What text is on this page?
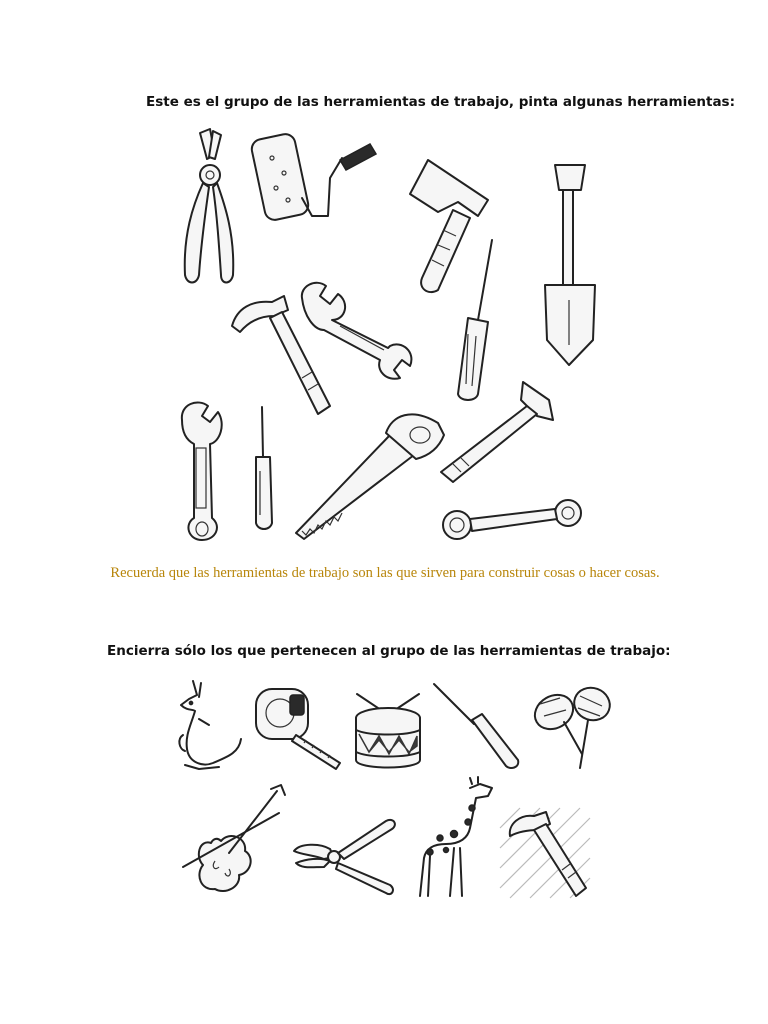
Este es el grupo de las herramientas de trabajo, pinta algunas herramientas:
Recuerda que las herramientas de trabajo son las que sirven para construir cosas o hacer cosas.
Encierra sólo los que pertenecen al grupo de las herramientas de trabajo:
